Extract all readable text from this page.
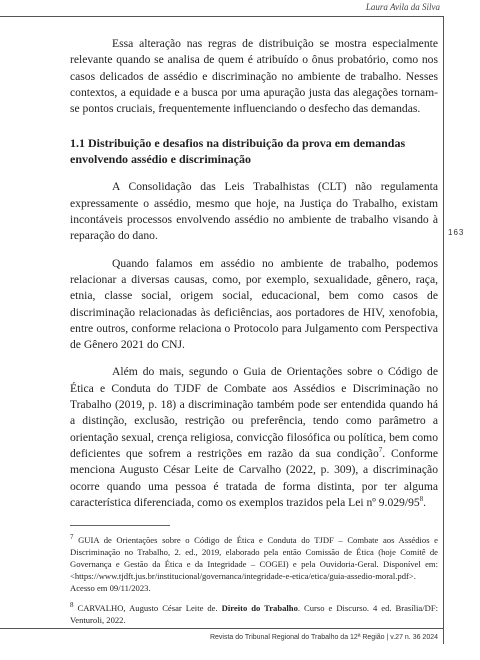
Laura Avila da Silva
163

Essa alteração nas regras de distribuição se mostra especialmente relevante quando se analisa de quem é atribuído o ônus probatório, como nos casos delicados de assédio e discriminação no ambiente de trabalho. Nesses contextos, a equidade e a busca por uma apuração justa das alegações tornam-se pontos cruciais, frequentemente influenciando o desfecho das demandas.

1.1 Distribuição e desafios na distribuição da prova em demandas envolvendo assédio e discriminação

A Consolidação das Leis Trabalhistas (CLT) não regulamenta expressamente o assédio, mesmo que hoje, na Justiça do Trabalho, existam incontáveis processos envolvendo assédio no ambiente de trabalho visando à reparação do dano.

Quando falamos em assédio no ambiente de trabalho, podemos relacionar a diversas causas, como, por exemplo, sexualidade, gênero, raça, etnia, classe social, origem social, educacional, bem como casos de discriminação relacionadas às deficiências, aos portadores de HIV, xenofobia, entre outros, conforme relaciona o Protocolo para Julgamento com Perspectiva de Gênero 2021 do CNJ.

Além do mais, segundo o Guia de Orientações sobre o Código de Ética e Conduta do TJDF de Combate aos Assédios e Discriminação no Trabalho (2019, p. 18) a discriminação também pode ser entendida quando há a distinção, exclusão, restrição ou preferência, tendo como parâmetro a orientação sexual, crença religiosa, convicção filosófica ou política, bem como deficientes que sofrem a restrições em razão da sua condição$^7$. Conforme menciona Augusto César Leite de Carvalho (2022, p. 309), a discriminação ocorre quando uma pessoa é tratada de forma distinta, por ter alguma característica diferenciada, como os exemplos trazidos pela Lei nº $9.029/95^8$.

$^7$ GUIA de Orientações sobre o Código de Ética e Conduta do TJDF – Combate aos Assédios e Discriminação no Trabalho, 2. ed., 2019, elaborado pela então Comissão de Ética (hoje Comitê de Governança e Gestão da Ética e da Integridade – COGEI) e pela Ouvidoria-Geral. Disponível em: <https://www.tjdft.jus.br/institucional/governanca/integridade-e-etica/etica/guia-assedio-moral.pdf>. Acesso em 09/11/2023.
$^8$ CARVALHO, Augusto César Leite de. Direito do Trabalho. Curso e Discurso. 4 ed. Brasília/DF: Venturoli, 2022.
Revista do Tribunal Regional do Trabalho da 12ª Região | v.27 n. 36 2024
